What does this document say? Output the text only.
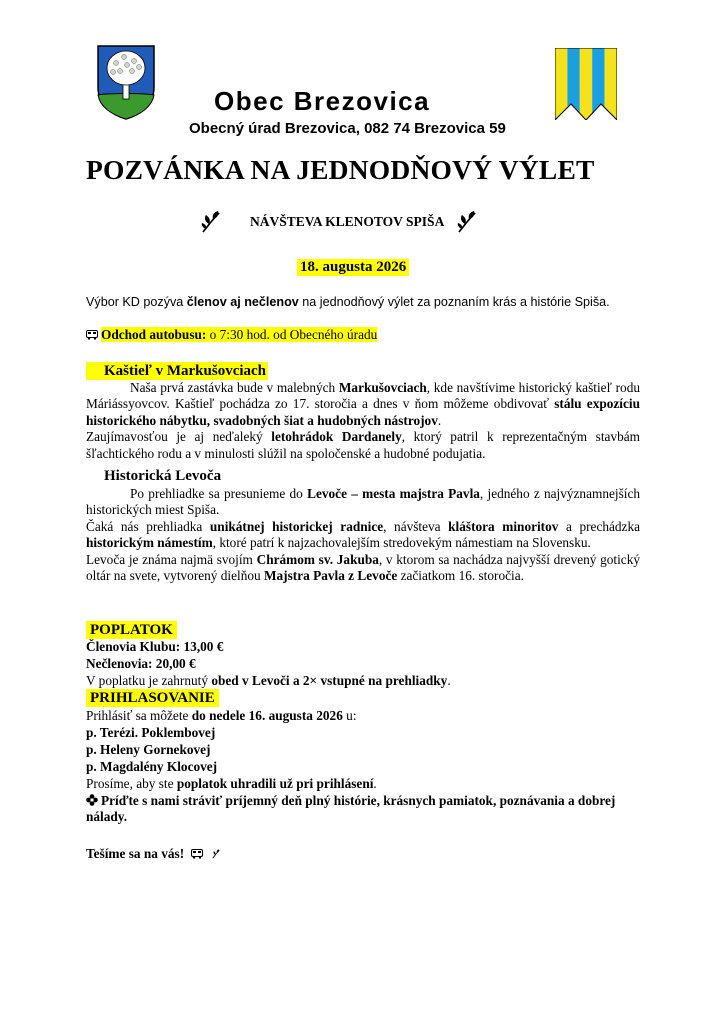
Obec Brezovica
Obecný úrad Brezovica, 082 74 Brezovica 59
POZVÁNKA NA JEDNODŇOVÝ VÝLET
NÁVŠTEVA KLENOTOV SPIŠA
18. augusta 2026
Výbor KD pozýva členov aj nečlenov na jednodňový výlet za poznaním krás a histórie Spiša.
Odchod autobusu: o 7:30 hod. od Obecného úradu
Kaštieľ v Markušovciach
Naša prvá zastávka bude v malebných Markušovciach, kde navštívime historický kaštieľ rodu Máriássyovcov. Kaštieľ pochádza zo 17. storočia a dnes v ňom môžeme obdivovať stálu expozíciu historického nábytku, svadobných šiat a hudobných nástrojov.
Zaujímavosťou je aj neďaleký letohrádok Dardanely, ktorý patril k reprezentačným stavbám šľachtického rodu a v minulosti slúžil na spoločenské a hudobné podujatia.
Historická Levoča
Po prehliadke sa presunieme do Levoče – mesta majstra Pavla, jedného z najvýznamnejších historických miest Spiša.
Čaká nás prehliadka unikátnej historickej radnice, návšteva kláštora minoritov a prechádzka historickým námestím, ktoré patrí k najzachovalejším stredovekým námestiam na Slovensku.
Levoča je známa najmä svojím Chrámom sv. Jakuba, v ktorom sa nachádza najvyšší drevený gotický oltár na svete, vytvorený dielňou Majstra Pavla z Levoče začiatkom 16. storočia.
POPLATOK
Členovia Klubu: 13,00 €
Nečlenovia: 20,00 €
V poplatku je zahrnutý obed v Levoči a 2× vstupné na prehliadky.
PRIHLASOVANIE
Prihlásiť sa môžete do nedele 16. augusta 2026 u:
p. Terézi. Poklembovej
p. Heleny Gornekovej
p. Magdalény Klocovej
Prosíme, aby ste poplatok uhradili už pri prihlásení.
Príďte s nami stráviť príjemný deň plný histórie, krásnych pamiatok, poznávania a dobrej nálady.
Tešíme sa na vás!
